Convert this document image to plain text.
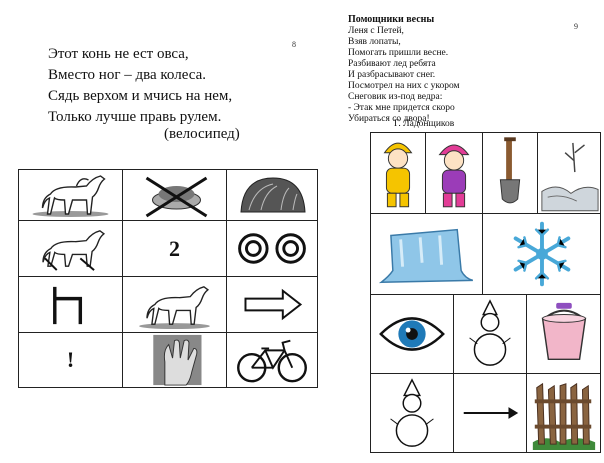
8
Этот конь не ест овса,
Вместо ног – два колеса.
Сядь верхом и мчись на нем,
Только лучше правь рулем.
(велосипед)
2
!
9
Помощники весны
Леня с Петей,
Взяв лопаты,
Помогать пришли весне.
Разбивают лед ребята
И разбрасывают снег.
Посмотрел на них с укором
Снеговик из-под ведра:
- Этак мне придется скоро
Убираться со двора!
Г. Ладонщиков
